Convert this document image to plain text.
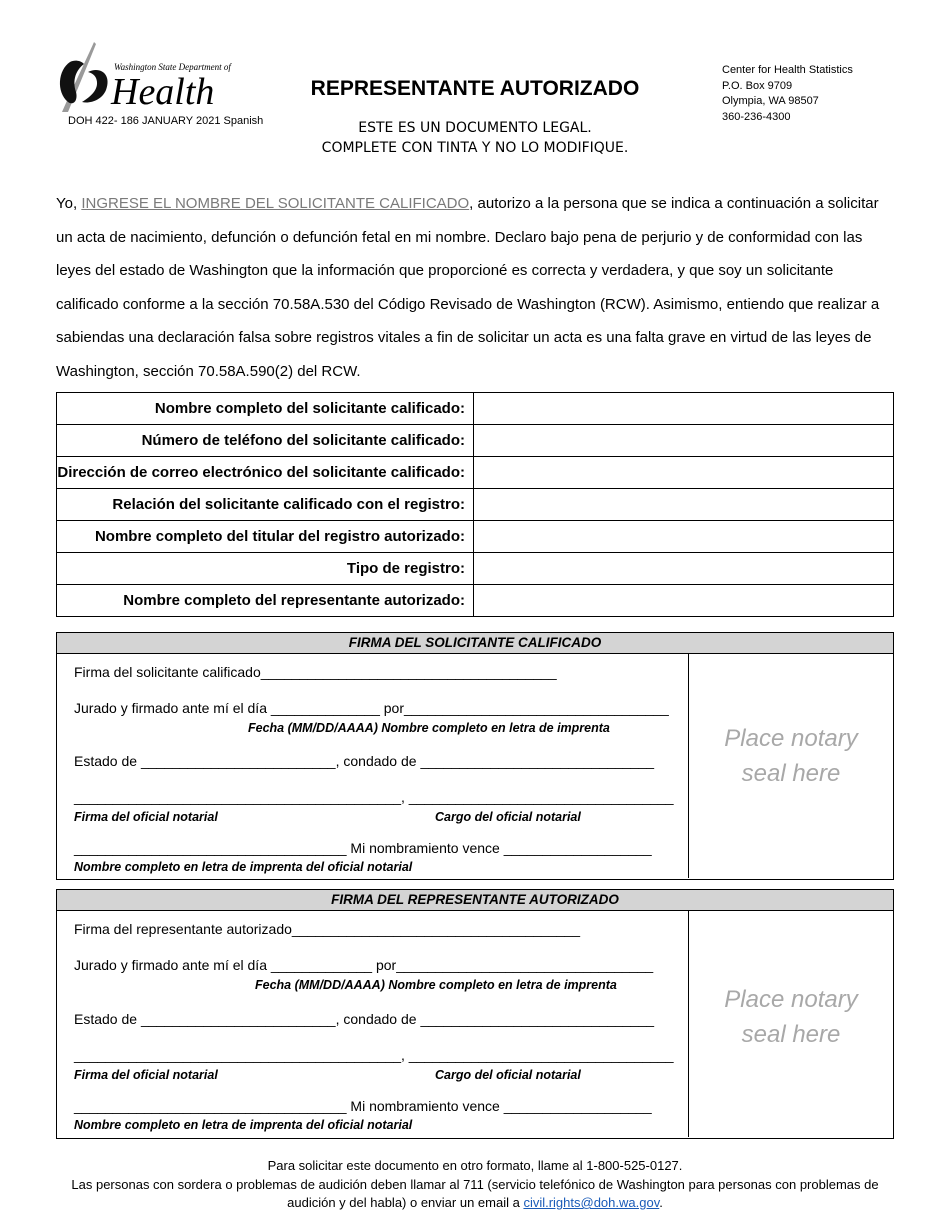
Washington State Department of
Health
DOH 422- 186 JANUARY 2021 Spanish
REPRESENTANTE AUTORIZADO
ESTE ES UN DOCUMENTO LEGAL.
COMPLETE CON TINTA Y NO LO MODIFIQUE.
Center for Health Statistics
P.O. Box 9709
Olympia, WA 98507
360-236-4300
Yo, INGRESE EL NOMBRE DEL SOLICITANTE CALIFICADO, autorizo a la persona que se indica a continuación a solicitar un acta de nacimiento, defunción o defunción fetal en mi nombre. Declaro bajo pena de perjurio y de conformidad con las leyes del estado de Washington que la información que proporcioné es correcta y verdadera, y que soy un solicitante calificado conforme a la sección 70.58A.530 del Código Revisado de Washington (RCW). Asimismo, entiendo que realizar a sabiendas una declaración falsa sobre registros vitales a fin de solicitar un acta es una falta grave en virtud de las leyes de Washington, sección 70.58A.590(2) del RCW.
Nombre completo del solicitante calificado:	
Número de teléfono del solicitante calificado:	
Dirección de correo electrónico del solicitante calificado:	
Relación del solicitante calificado con el registro:	
Nombre completo del titular del registro autorizado:	
Tipo de registro:	
Nombre completo del representante autorizado:	
FIRMA DEL SOLICITANTE CALIFICADO
Firma del solicitante calificado______________________________________
Jurado y firmado ante mí el día ______________ por__________________________________
Fecha (MM/DD/AAAA) Nombre completo en letra de imprenta
Estado de _________________________, condado de ______________________________
__________________________________________, __________________________________
Firma del oficial notarial	Cargo del oficial notarial
___________________________________ Mi nombramiento vence ___________________
Nombre completo en letra de imprenta del oficial notarial
Place notary
seal here
FIRMA DEL REPRESENTANTE AUTORIZADO
Firma del representante autorizado_____________________________________
Jurado y firmado ante mí el día _____________ por_________________________________
Fecha (MM/DD/AAAA) Nombre completo en letra de imprenta
Estado de _________________________, condado de ______________________________
__________________________________________, __________________________________
Firma del oficial notarial	Cargo del oficial notarial
___________________________________ Mi nombramiento vence ___________________
Nombre completo en letra de imprenta del oficial notarial
Place notary
seal here
Para solicitar este documento en otro formato, llame al 1-800-525-0127.
Las personas con sordera o problemas de audición deben llamar al 711 (servicio telefónico de Washington para personas con problemas de audición y del habla) o enviar un email a civil.rights@doh.wa.gov.
